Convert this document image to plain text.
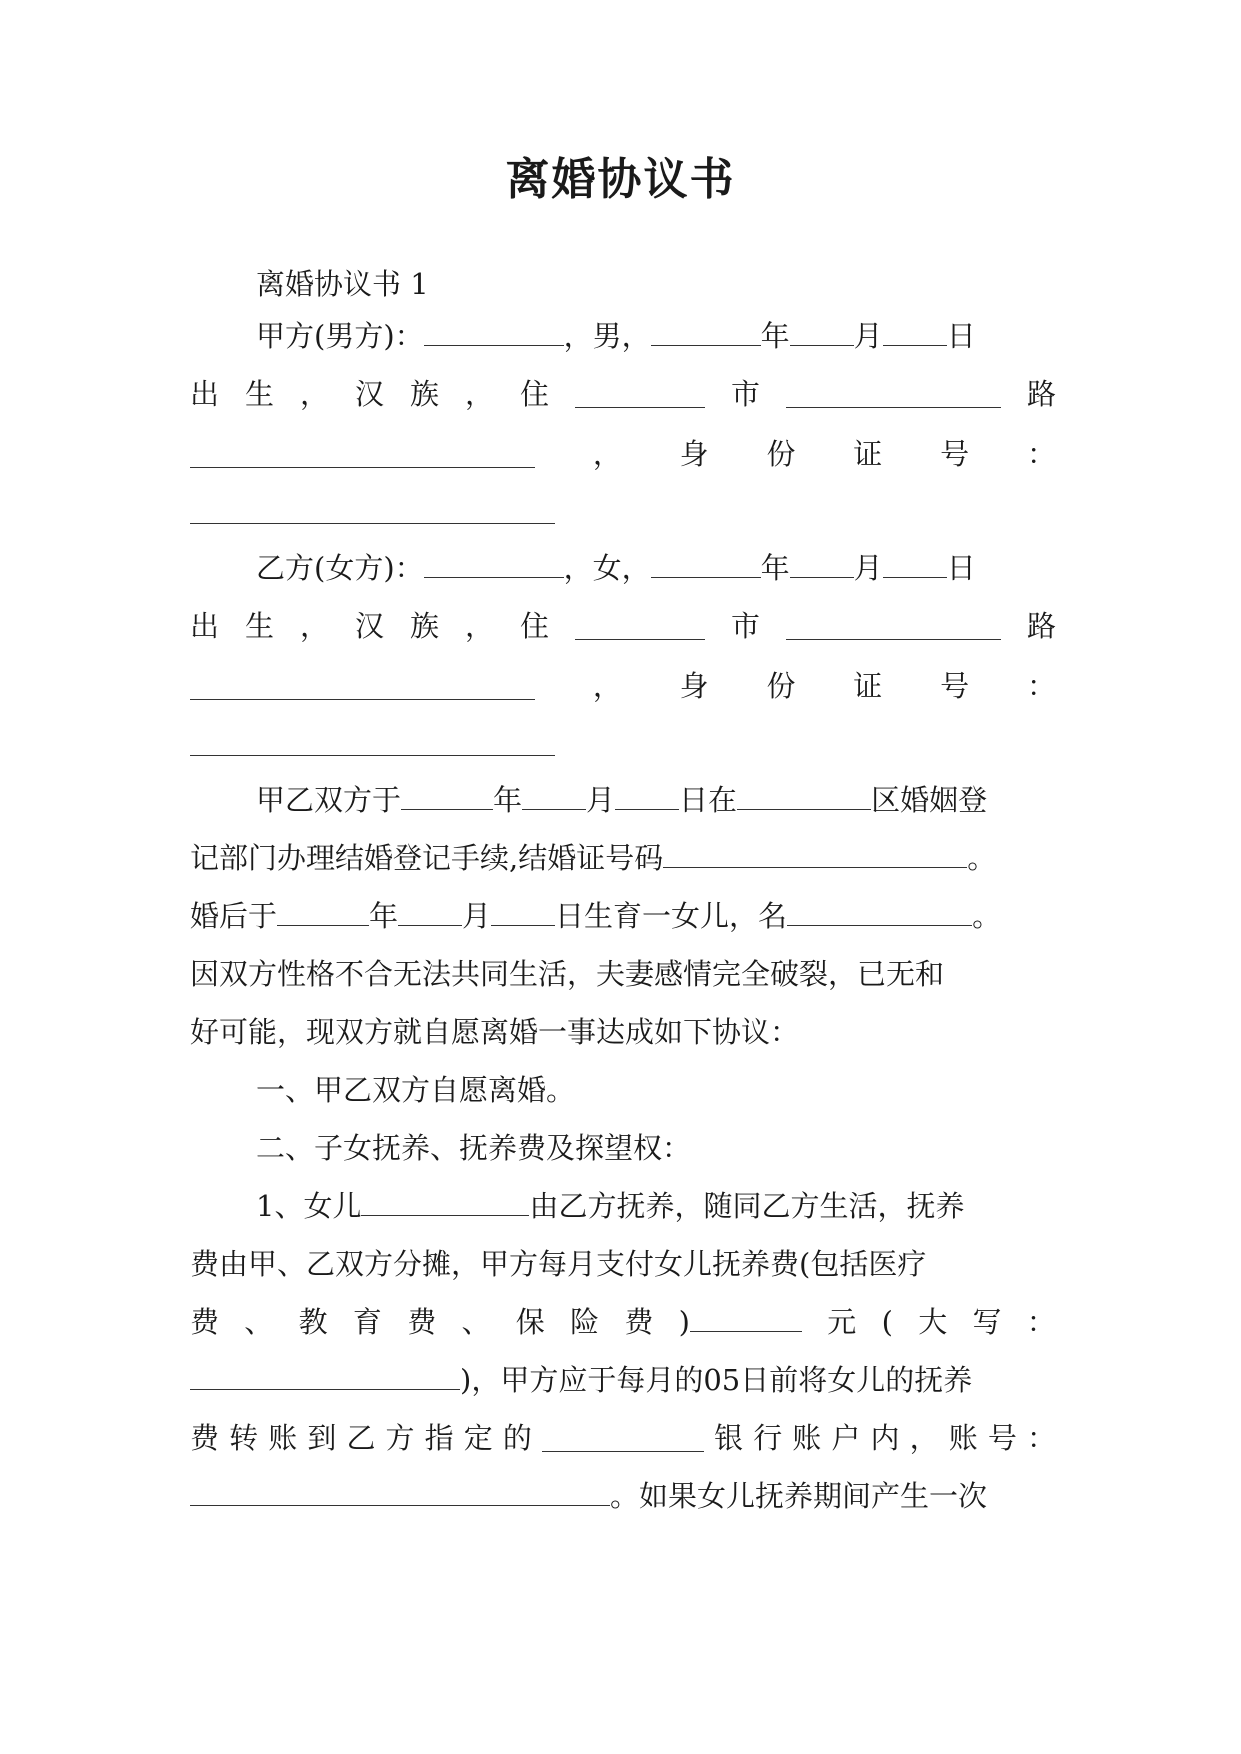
离婚协议书
离婚协议书 1
甲方(男方)：	，男，	年 月 日
出 生 ， 汉 族 ， 住	市	路
， 身 份 证 号 ：
乙方(女方)：	，女，	年 月 日
出 生 ， 汉 族 ， 住	市	路
， 身 份 证 号 ：
甲乙双方于	年 月 日在	区婚姻登
记部门办理结婚登记手续,结婚证号码	。
婚后于	年 月 日生育一女儿，名	。
因双方性格不合无法共同生活，夫妻感情完全破裂，已无和
好可能，现双方就自愿离婚一事达成如下协议：
一、甲乙双方自愿离婚。
二、子女抚养、抚养费及探望权：
1、女儿	由乙方抚养，随同乙方生活，抚养
费由甲、乙双方分摊，甲方每月支付女儿抚养费(包括医疗
费 、 教 育 费 、 保 险 费 )	元 ( 大 写 ：
)，甲方应于每月的05日前将女儿的抚养
费 转 账 到 乙 方 指 定 的	银 行 账 户 内 ， 账 号 ：
。如果女儿抚养期间产生一次
